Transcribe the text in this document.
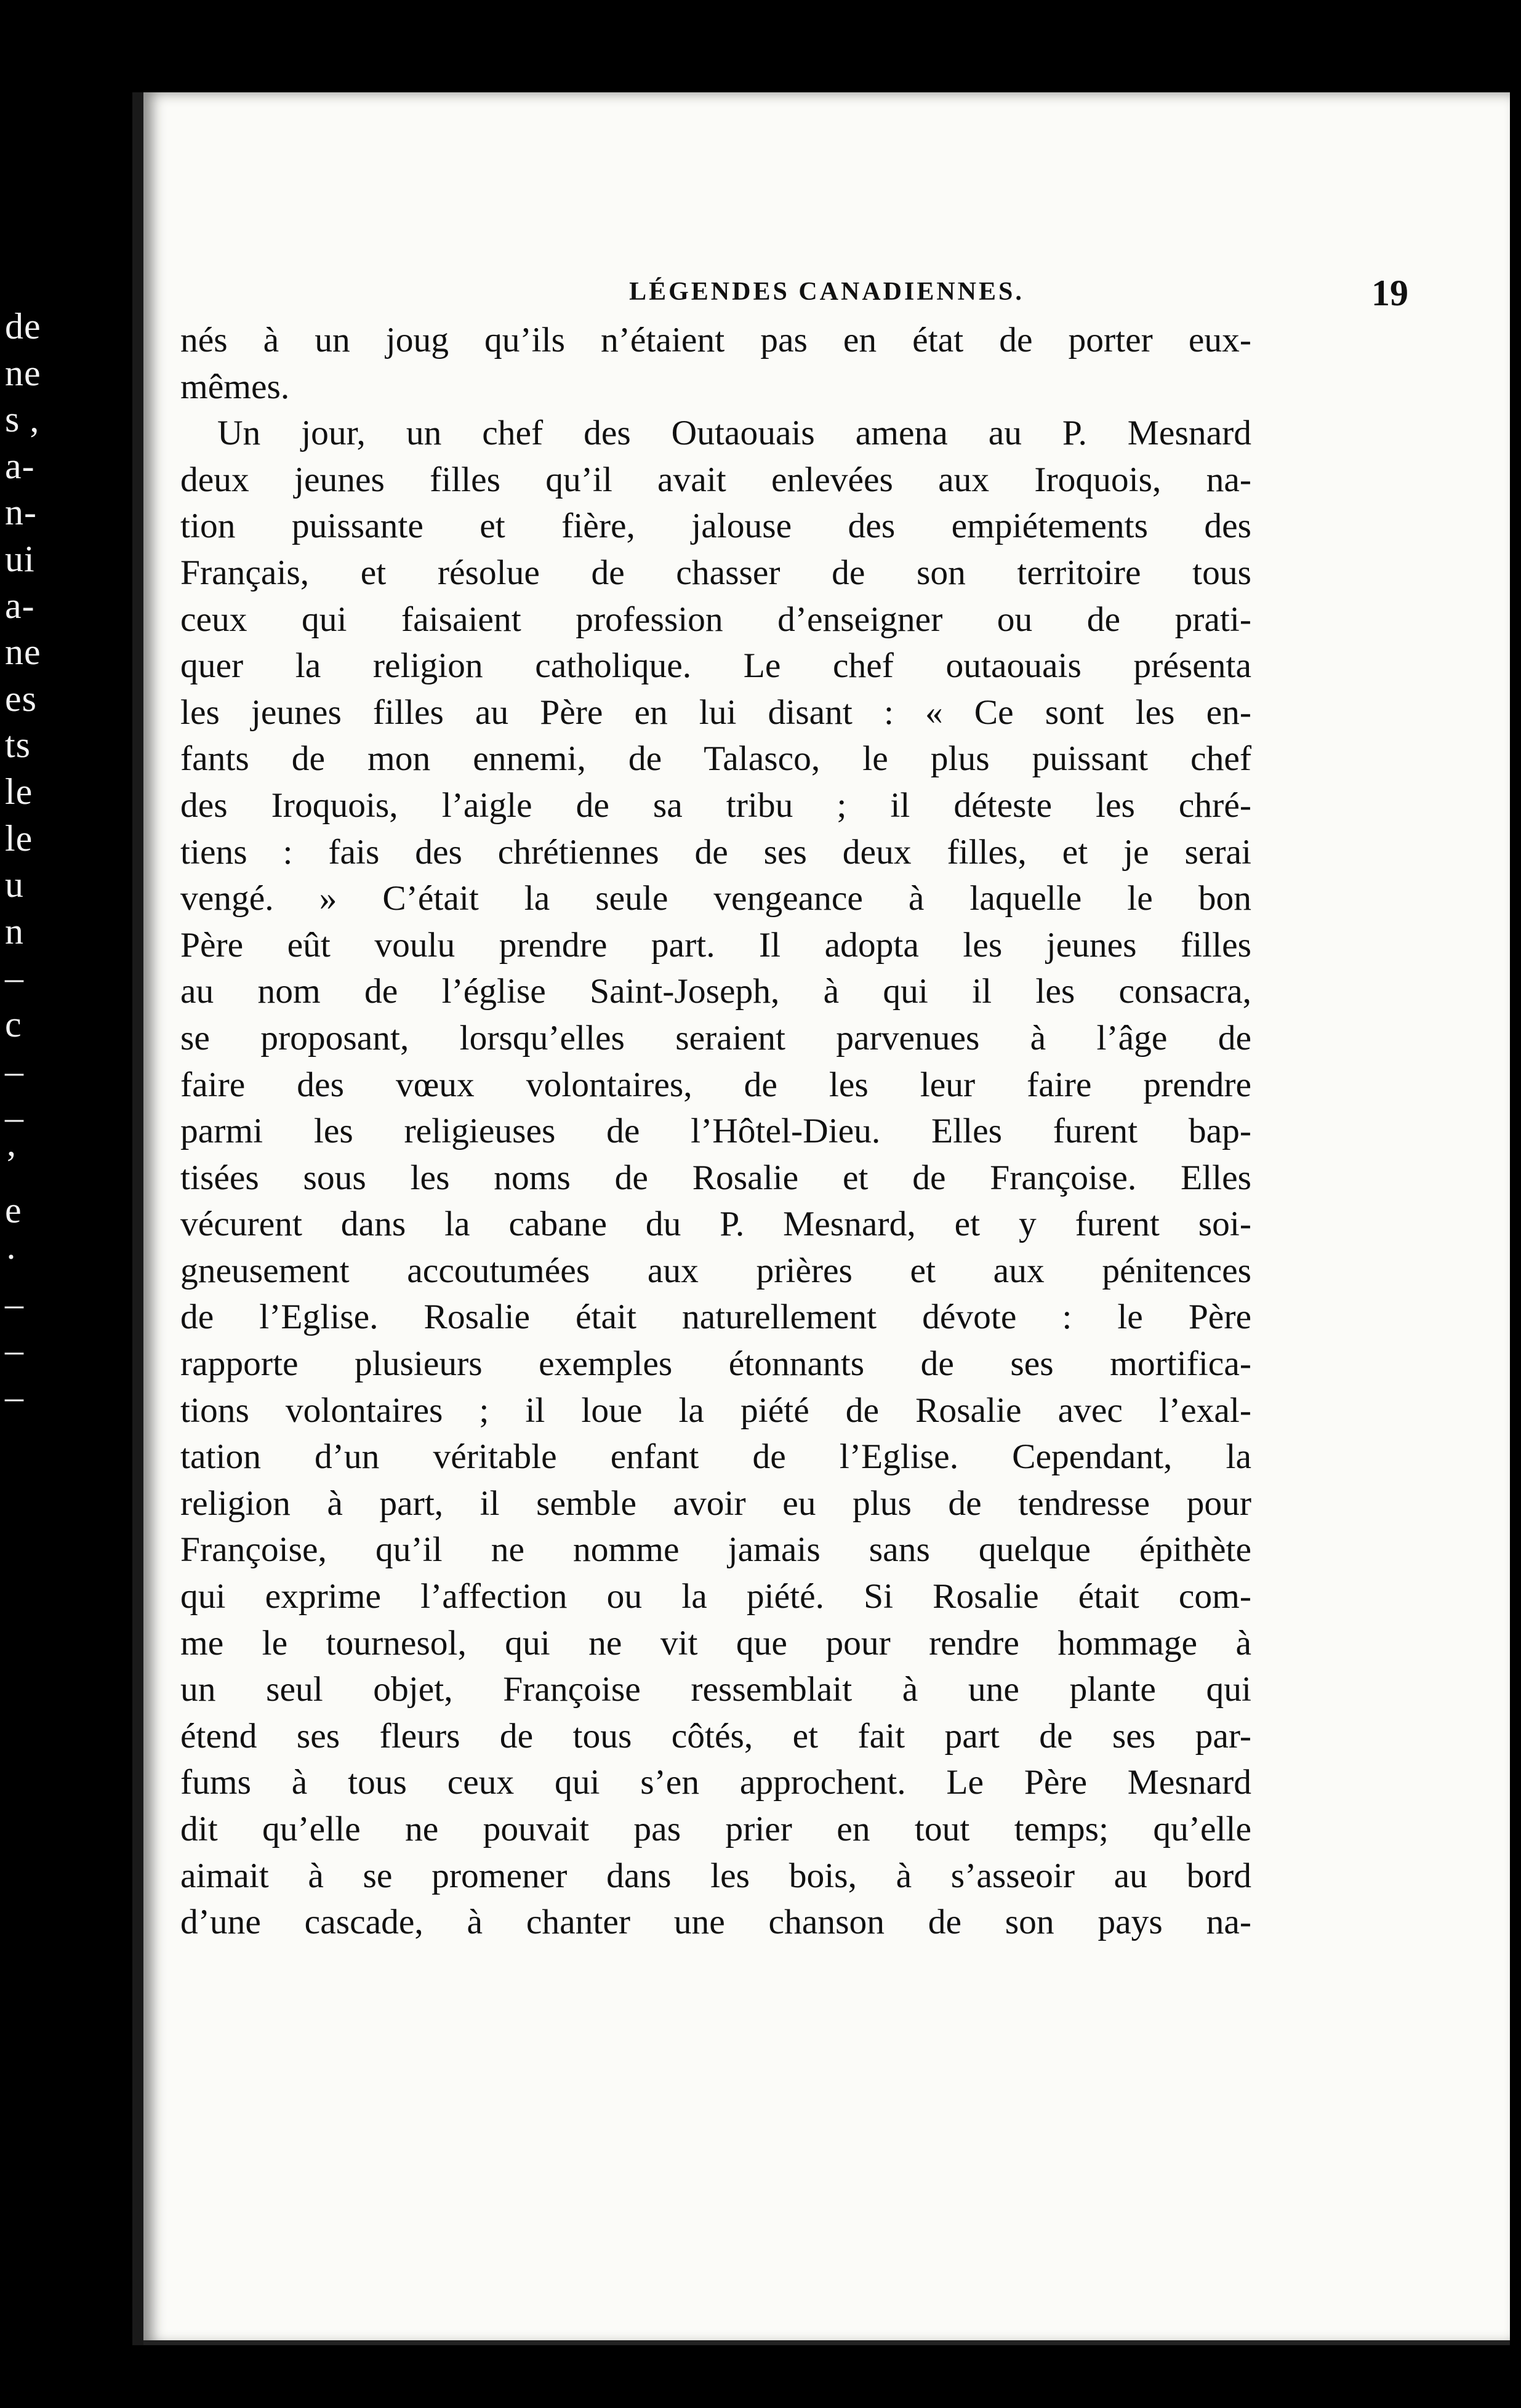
de
ne
s ,
a-
n-
ui
a-
ne
es
ts
le
le
u
n
–
c
–
–
’
e
·
–
–
–
LÉGENDES CANADIENNES.	19
nés à un joug qu’ils n’étaient pas en état de porter eux-
mêmes.
Un jour, un chef des Outaouais amena au P. Mesnard
deux jeunes filles qu’il avait enlevées aux Iroquois, na-
tion puissante et fière, jalouse des empiétements des
Français, et résolue de chasser de son territoire tous
ceux qui faisaient profession d’enseigner ou de prati-
quer la religion catholique. Le chef outaouais présenta
les jeunes filles au Père en lui disant : « Ce sont les en-
fants de mon ennemi, de Talasco, le plus puissant chef
des Iroquois, l’aigle de sa tribu ; il déteste les chré-
tiens : fais des chrétiennes de ses deux filles, et je serai
vengé. » C’était la seule vengeance à laquelle le bon
Père eût voulu prendre part. Il adopta les jeunes filles
au nom de l’église Saint-Joseph, à qui il les consacra,
se proposant, lorsqu’elles seraient parvenues à l’âge de
faire des vœux volontaires, de les leur faire prendre
parmi les religieuses de l’Hôtel-Dieu. Elles furent bap-
tisées sous les noms de Rosalie et de Françoise. Elles
vécurent dans la cabane du P. Mesnard, et y furent soi-
gneusement accoutumées aux prières et aux pénitences
de l’Eglise. Rosalie était naturellement dévote : le Père
rapporte plusieurs exemples étonnants de ses mortifica-
tions volontaires ; il loue la piété de Rosalie avec l’exal-
tation d’un véritable enfant de l’Eglise. Cependant, la
religion à part, il semble avoir eu plus de tendresse pour
Françoise, qu’il ne nomme jamais sans quelque épithète
qui exprime l’affection ou la piété. Si Rosalie était com-
me le tournesol, qui ne vit que pour rendre hommage à
un seul objet, Françoise ressemblait à une plante qui
étend ses fleurs de tous côtés, et fait part de ses par-
fums à tous ceux qui s’en approchent. Le Père Mesnard
dit qu’elle ne pouvait pas prier en tout temps; qu’elle
aimait à se promener dans les bois, à s’asseoir au bord
d’une cascade, à chanter une chanson de son pays na-
